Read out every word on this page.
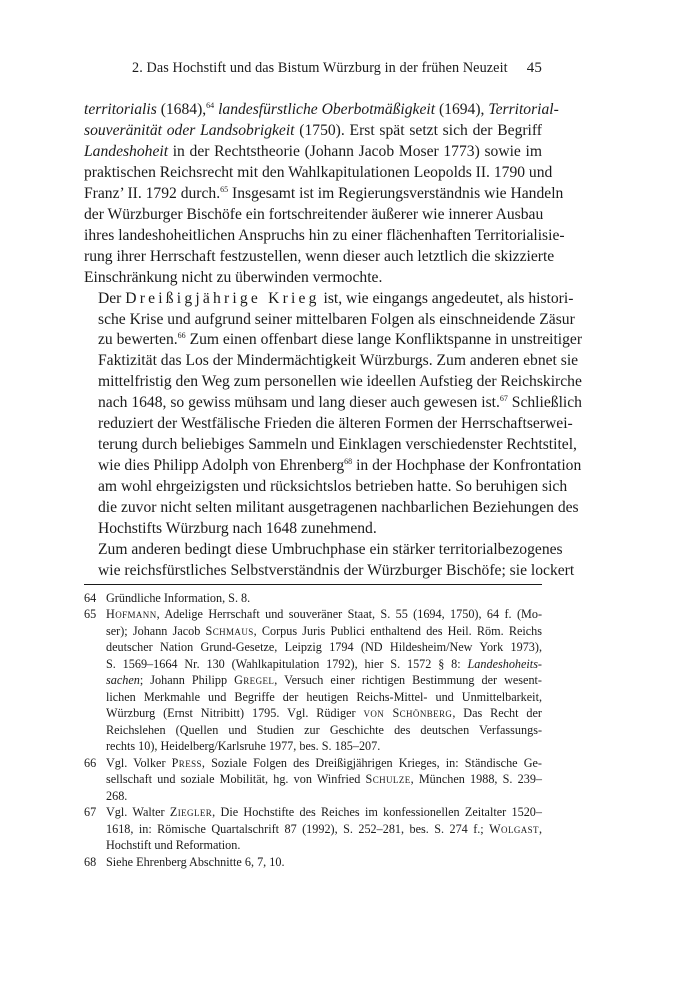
2. Das Hochstift und das Bistum Würzburg in der frühen Neuzeit 45

territorialis (1684),$^{64}$ landesfürstliche Oberbotmäßigkeit (1694), Territorial-
souveränität oder Landsobrigkeit (1750). Erst spät setzt sich der Begriff
Landeshoheit in der Rechtstheorie (Johann Jacob Moser 1773) sowie im
praktischen Reichsrecht mit den Wahlkapitulationen Leopolds II. 1790 und
Franz’ II. 1792 durch.$^{65}$ Insgesamt ist im Regierungsverständnis wie Handeln
der Würzburger Bischöfe ein fortschreitender äußerer wie innerer Ausbau
ihres landeshoheitlichen Anspruchs hin zu einer flächenhaften Territorialisie-
rung ihrer Herrschaft festzustellen, wenn dieser auch letztlich die skizzierte
Einschränkung nicht zu überwinden vermochte.

Der Dreißigjährige Krieg ist, wie eingangs angedeutet, als histori-
sche Krise und aufgrund seiner mittelbaren Folgen als einschneidende Zäsur
zu bewerten.$^{66}$ Zum einen offenbart diese lange Konfliktspanne in unstreitiger
Faktizität das Los der Mindermächtigkeit Würzburgs. Zum anderen ebnet sie
mittelfristig den Weg zum personellen wie ideellen Aufstieg der Reichskirche
nach 1648, so gewiss mühsam und lang dieser auch gewesen ist.$^{67}$ Schließlich
reduziert der Westfälische Frieden die älteren Formen der Herrschaftserwei-
terung durch beliebiges Sammeln und Einklagen verschiedenster Rechtstitel,
wie dies Philipp Adolph von Ehrenberg$^{68}$ in der Hochphase der Konfrontation
am wohl ehrgeizigsten und rücksichtslos betrieben hatte. So beruhigen sich
die zuvor nicht selten militant ausgetragenen nachbarlichen Beziehungen des
Hochstifts Würzburg nach 1648 zunehmend.

Zum anderen bedingt diese Umbruchphase ein stärker territorialbezogenes
wie reichsfürstliches Selbstverständnis der Würzburger Bischöfe; sie lockert

64 Gründliche Information, S. 8.
65 Hofmann, Adelige Herrschaft und souveräner Staat, S. 55 (1694, 1750), 64 f. (Mo-
ser); Johann Jacob Schmaus, Corpus Juris Publici enthaltend des Heil. Röm. Reichs
deutscher Nation Grund-Gesetze, Leipzig 1794 (ND Hildesheim/New York 1973),
S. 1569–1664 Nr. 130 (Wahlkapitulation 1792), hier S. 1572 § 8: Landeshoheits-
sachen; Johann Philipp Gregel, Versuch einer richtigen Bestimmung der wesent-
lichen Merkmahle und Begriffe der heutigen Reichs-Mittel- und Unmittelbarkeit,
Würzburg (Ernst Nitribitt) 1795. Vgl. Rüdiger von Schönberg, Das Recht der
Reichslehen (Quellen und Studien zur Geschichte des deutschen Verfassungs-
rechts 10), Heidelberg/Karlsruhe 1977, bes. S. 185–207.
66 Vgl. Volker Press, Soziale Folgen des Dreißigjährigen Krieges, in: Ständische Ge-
sellschaft und soziale Mobilität, hg. von Winfried Schulze, München 1988, S. 239–
268.
67 Vgl. Walter Ziegler, Die Hochstifte des Reiches im konfessionellen Zeitalter 1520–
1618, in: Römische Quartalschrift 87 (1992), S. 252–281, bes. S. 274 f.; Wolgast,
Hochstift und Reformation.
68 Siehe Ehrenberg Abschnitte 6, 7, 10.
